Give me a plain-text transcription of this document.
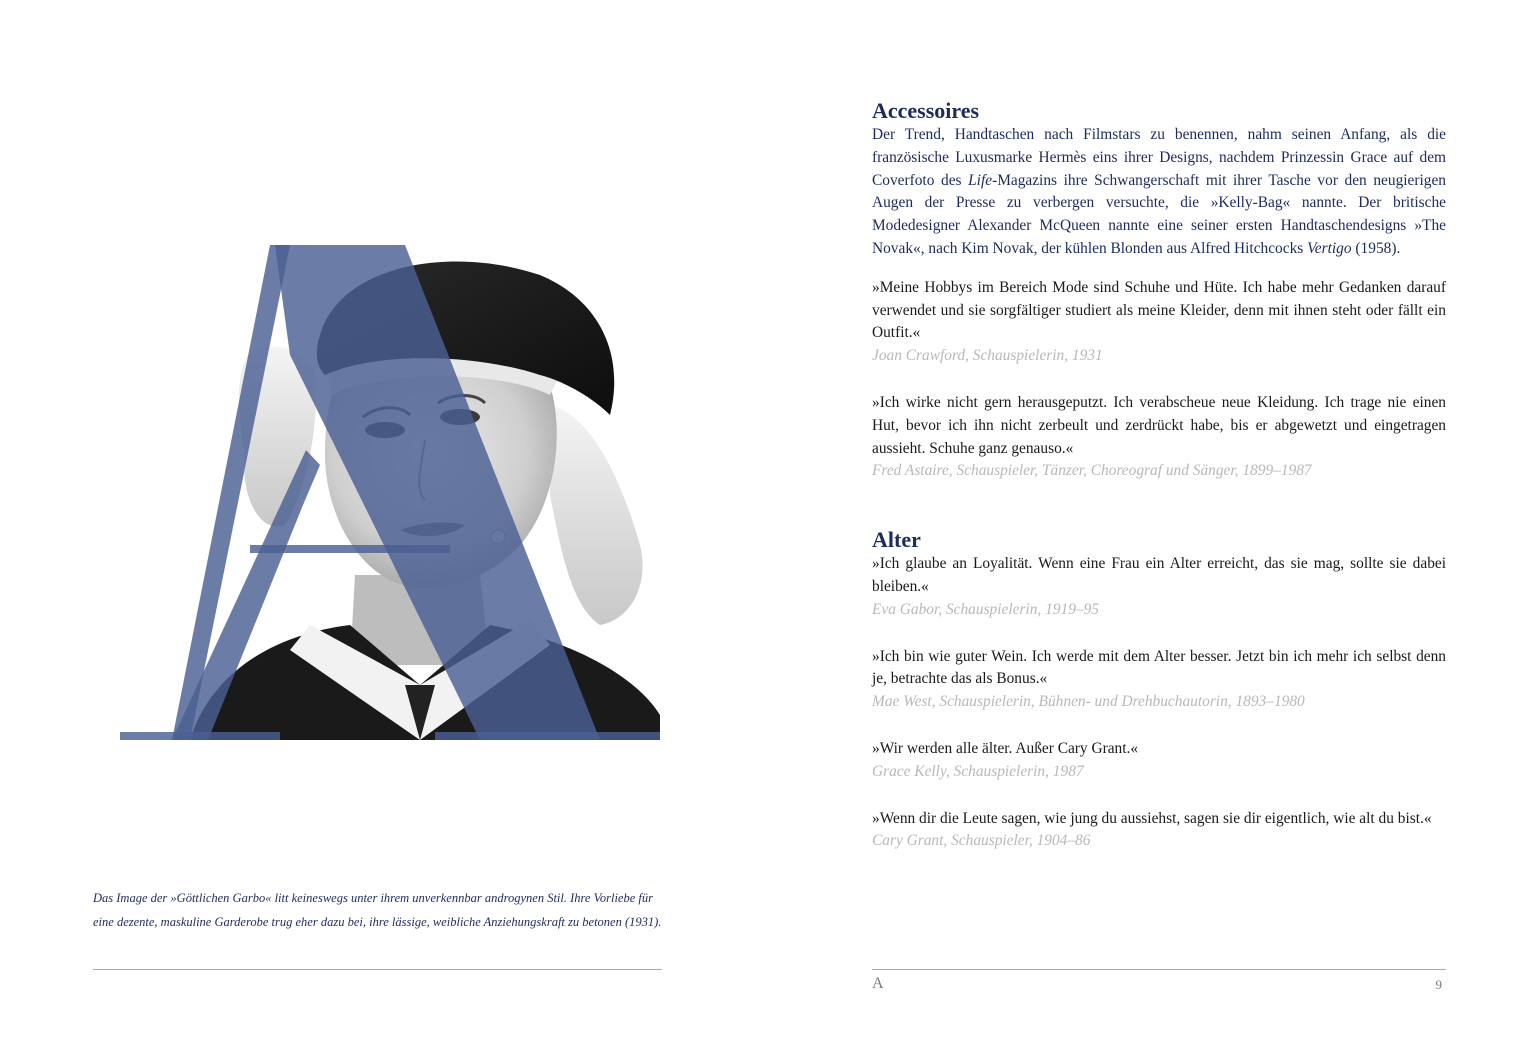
Das Image der »Göttlichen Garbo« litt keineswegs unter ihrem unverkennbar androgynen Stil. Ihre Vorliebe für eine dezente, maskuline Garderobe trug eher dazu bei, ihre lässige, weibliche Anziehungskraft zu betonen (1931).

Accessoires

Der Trend, Handtaschen nach Filmstars zu benennen, nahm seinen Anfang, als die französische Luxusmarke Hermès eins ihrer Designs, nachdem Prinzessin Grace auf dem Coverfoto des Life-Magazins ihre Schwangerschaft mit ihrer Tasche vor den neugierigen Augen der Presse zu verbergen versuchte, die »Kelly-Bag« nannte. Der britische Modedesigner Alexander McQueen nannte eine seiner ersten Handtaschendesigns »The Novak«, nach Kim Novak, der kühlen Blonden aus Alfred Hitchcocks Vertigo (1958).

»Meine Hobbys im Bereich Mode sind Schuhe und Hüte. Ich habe mehr Gedanken darauf verwendet und sie sorgfältiger studiert als meine Kleider, denn mit ihnen steht oder fällt ein Outfit.«

Joan Crawford, Schauspielerin, 1931

»Ich wirke nicht gern herausgeputzt. Ich verabscheue neue Kleidung. Ich trage nie einen Hut, bevor ich ihn nicht zerbeult und zerdrückt habe, bis er abgewetzt und eingetragen aussieht. Schuhe ganz genauso.«

Fred Astaire, Schauspieler, Tänzer, Choreograf und Sänger, 1899–1987

Alter

»Ich glaube an Loyalität. Wenn eine Frau ein Alter erreicht, das sie mag, sollte sie dabei bleiben.«

Eva Gabor, Schauspielerin, 1919–95

»Ich bin wie guter Wein. Ich werde mit dem Alter besser. Jetzt bin ich mehr ich selbst denn je, betrachte das als Bonus.«

Mae West, Schauspielerin, Bühnen- und Drehbuchautorin, 1893–1980

»Wir werden alle älter. Außer Cary Grant.«

Grace Kelly, Schauspielerin, 1987

»Wenn dir die Leute sagen, wie jung du aussiehst, sagen sie dir eigentlich, wie alt du bist.«

Cary Grant, Schauspieler, 1904–86

A	9
